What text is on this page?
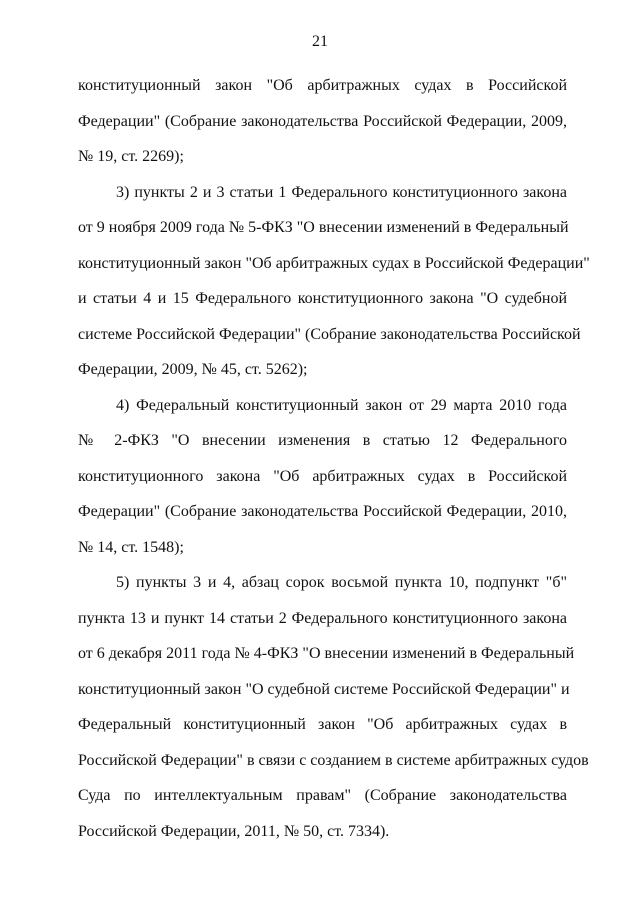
21

конституционный закон "Об арбитражных судах в Российской
Федерации" (Собрание законодательства Российской Федерации, 2009,
№ 19, ст. 2269);

3) пункты 2 и 3 статьи 1 Федерального конституционного закона
от 9 ноября 2009 года № 5-ФКЗ "О внесении изменений в Федеральный
конституционный закон "Об арбитражных судах в Российской Федерации"
и статьи 4 и 15 Федерального конституционного закона "О судебной
системе Российской Федерации" (Собрание законодательства Российской
Федерации, 2009, № 45, ст. 5262);

4) Федеральный конституционный закон от 29 марта 2010 года
№ 2-ФКЗ "О внесении изменения в статью 12 Федерального
конституционного закона "Об арбитражных судах в Российской
Федерации" (Собрание законодательства Российской Федерации, 2010,
№ 14, ст. 1548);

5) пункты 3 и 4, абзац сорок восьмой пункта 10, подпункт "б"
пункта 13 и пункт 14 статьи 2 Федерального конституционного закона
от 6 декабря 2011 года № 4-ФКЗ "О внесении изменений в Федеральный
конституционный закон "О судебной системе Российской Федерации" и
Федеральный конституционный закон "Об арбитражных судах в
Российской Федерации" в связи с созданием в системе арбитражных судов
Суда по интеллектуальным правам" (Собрание законодательства
Российской Федерации, 2011, № 50, ст. 7334).
